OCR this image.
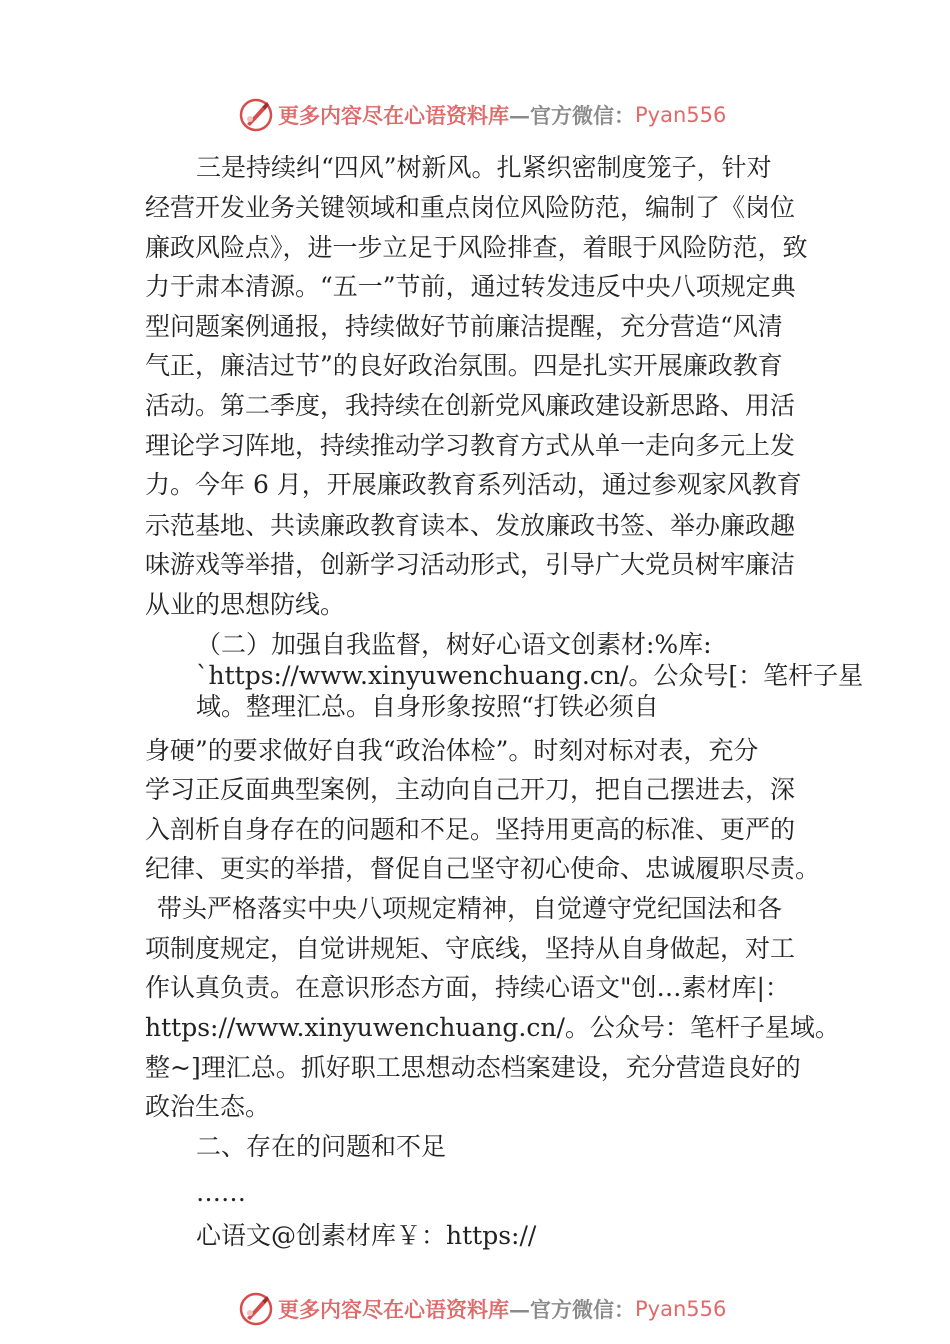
更多内容尽在心语资料库 —官方微信： Pyan556
三是持续纠“四风”树新风。扎紧织密制度笼子，针对
经营开发业务关键领域和重点岗位风险防范，编制了《岗位
廉政风险点》，进一步立足于风险排查，着眼于风险防范，致
力于肃本清源。“五一”节前，通过转发违反中央八项规定典
型问题案例通报，持续做好节前廉洁提醒，充分营造“风清
气正，廉洁过节”的良好政治氛围。四是扎实开展廉政教育
活动。第二季度，我持续在创新党风廉政建设新思路、用活
理论学习阵地，持续推动学习教育方式从单一走向多元上发
力。今年 6 月，开展廉政教育系列活动，通过参观家风教育
示范基地、共读廉政教育读本、发放廉政书签、举办廉政趣
味游戏等举措，创新学习活动形式，引导广大党员树牢廉洁
从业的思想防线。
（二）加强自我监督，树好心语文创素材:%库:
`https://www.xinyuwenchuang.cn/。公众号[：笔杆子星
域。整理汇总。自身形象按照“打铁必须自
身硬”的要求做好自我“政治体检”。时刻对标对表，充分
学习正反面典型案例，主动向自己开刀，把自己摆进去，深
入剖析自身存在的问题和不足。坚持用更高的标准、更严的
纪律、更实的举措，督促自己坚守初心使命、忠诚履职尽责。
带头严格落实中央八项规定精神，自觉遵守党纪国法和各
项制度规定，自觉讲规矩、守底线，坚持从自身做起，对工
作认真负责。在意识形态方面，持续心语文"创…素材库|：
https://www.xinyuwenchuang.cn/。公众号：笔杆子星域。
整~]理汇总。抓好职工思想动态档案建设，充分营造良好的
政治生态。
二、存在的问题和不足
……
心语文@创素材库￥：https://
更多内容尽在心语资料库 —官方微信： Pyan556
